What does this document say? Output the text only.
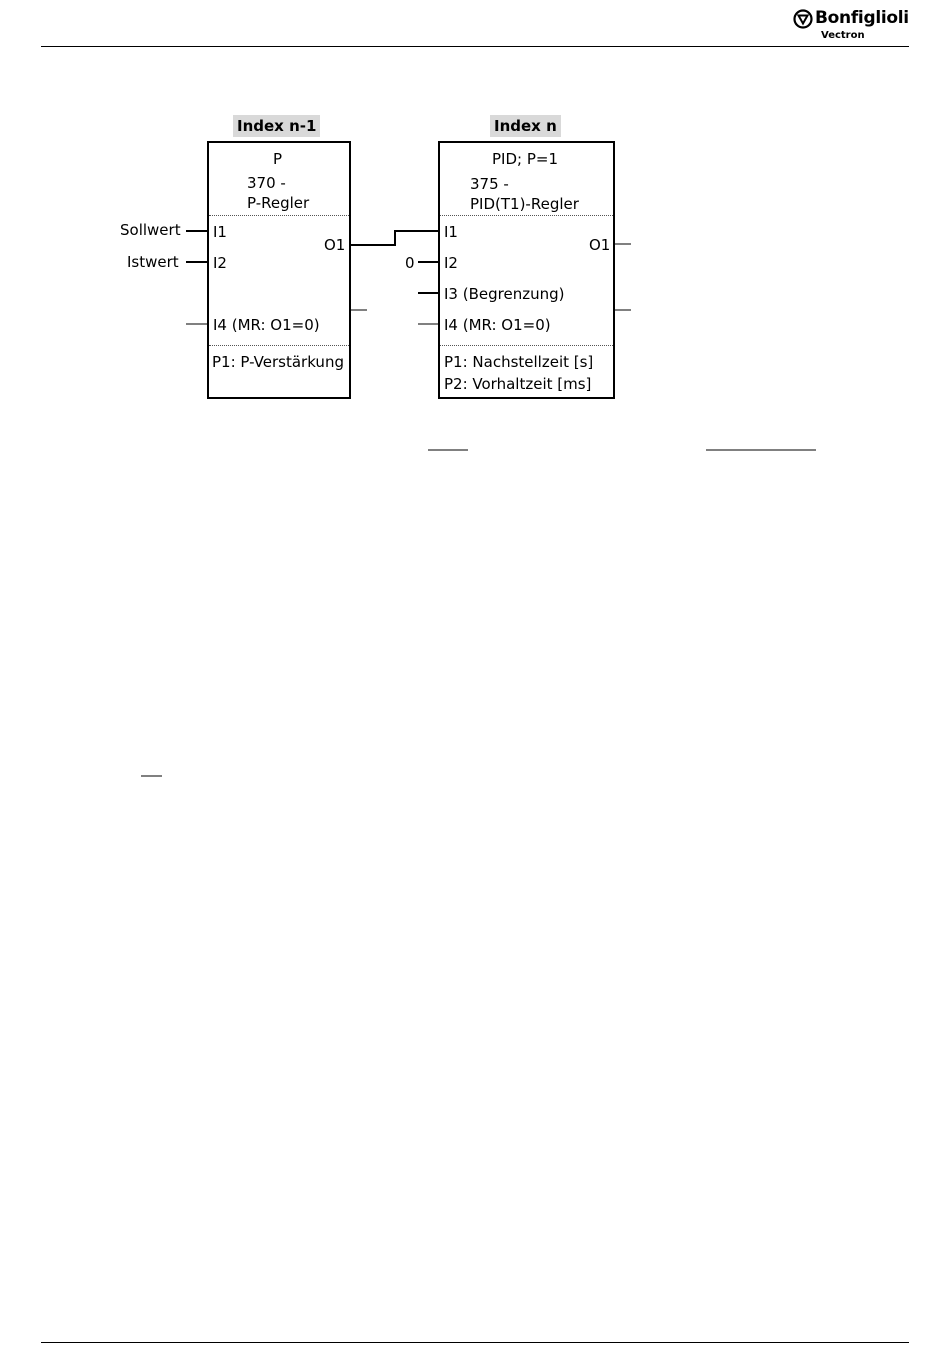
Bonfiglioli
Vectron
Index n-1
P
370 -
P-Regler
I1
I2
I4 (MR: O1=0)
O1
P1: P-Verstärkung
Sollwert
Istwert	0
Index n
PID; P=1
375 -
PID(T1)-Regler
I1
I2
I3 (Begrenzung)
I4 (MR: O1=0)
O1
P1: Nachstellzeit [s]
P2: Vorhaltzeit [ms]
